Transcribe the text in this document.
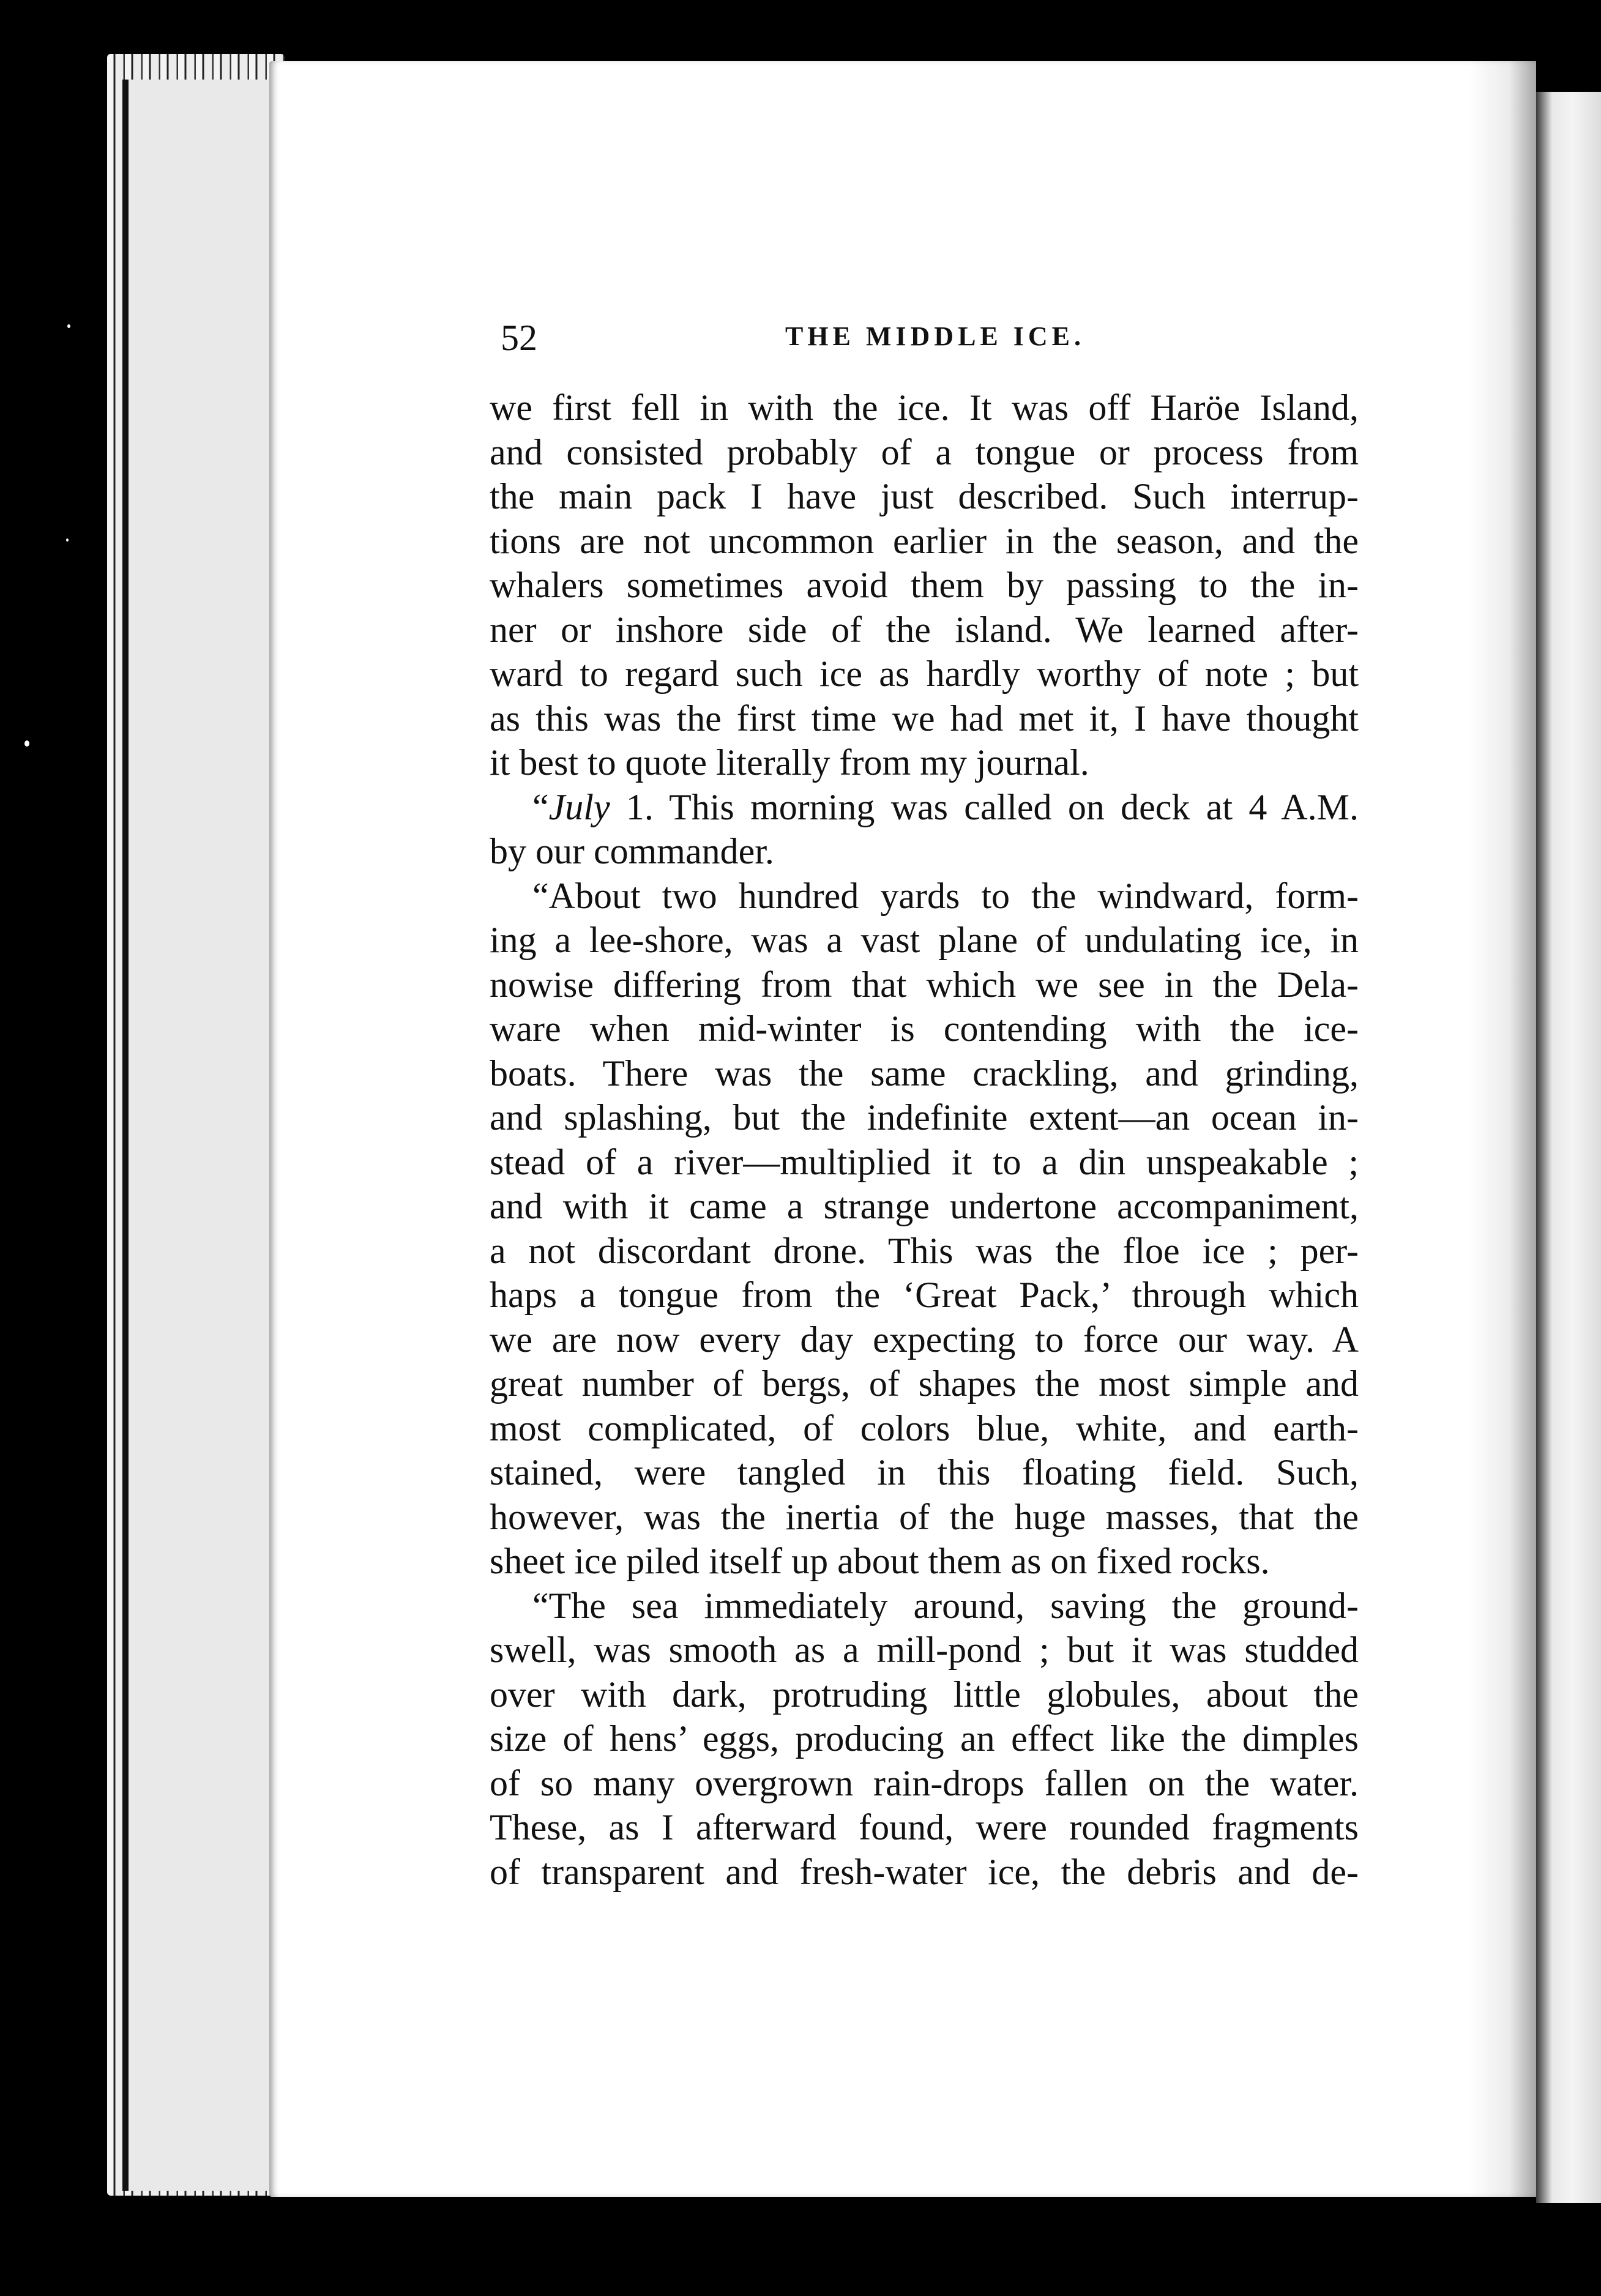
52	THE MIDDLE ICE.
we first fell in with the ice. It was off Haröe Island,
and consisted probably of a tongue or process from
the main pack I have just described. Such interrup-
tions are not uncommon earlier in the season, and the
whalers sometimes avoid them by passing to the in-
ner or inshore side of the island. We learned after-
ward to regard such ice as hardly worthy of note ; but
as this was the first time we had met it, I have thought
it best to quote literally from my journal.
“July 1. This morning was called on deck at 4 A.M.
by our commander.
“About two hundred yards to the windward, form-
ing a lee-shore, was a vast plane of undulating ice, in
nowise differing from that which we see in the Dela-
ware when mid-winter is contending with the ice-
boats. There was the same crackling, and grinding,
and splashing, but the indefinite extent—an ocean in-
stead of a river—multiplied it to a din unspeakable ;
and with it came a strange undertone accompaniment,
a not discordant drone. This was the floe ice ; per-
haps a tongue from the ‘Great Pack,’ through which
we are now every day expecting to force our way. A
great number of bergs, of shapes the most simple and
most complicated, of colors blue, white, and earth-
stained, were tangled in this floating field. Such,
however, was the inertia of the huge masses, that the
sheet ice piled itself up about them as on fixed rocks.
“The sea immediately around, saving the ground-
swell, was smooth as a mill-pond ; but it was studded
over with dark, protruding little globules, about the
size of hens’ eggs, producing an effect like the dimples
of so many overgrown rain-drops fallen on the water.
These, as I afterward found, were rounded fragments
of transparent and fresh-water ice, the debris and de-
